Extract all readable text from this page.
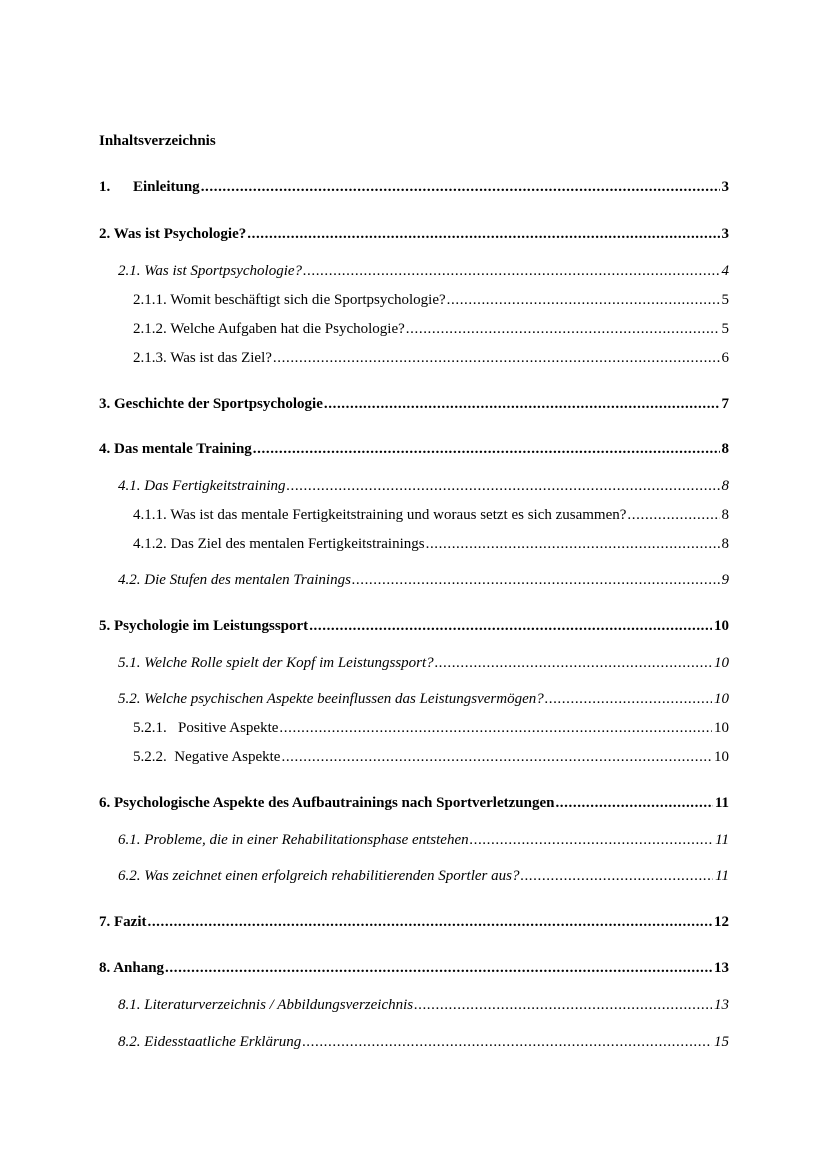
Inhaltsverzeichnis
1. Einleitung .....	3
2. Was ist Psychologie? .....	3
2.1. Was ist Sportpsychologie? .....	4
2.1.1. Womit beschäftigt sich die Sportpsychologie? .....	5
2.1.2. Welche Aufgaben hat die Psychologie? .....	5
2.1.3. Was ist das Ziel? .....	6
3. Geschichte der Sportpsychologie .....	7
4. Das mentale Training .....	8
4.1. Das Fertigkeitstraining .....	8
4.1.1. Was ist das mentale Fertigkeitstraining und woraus setzt es sich zusammen? .....	8
4.1.2. Das Ziel des mentalen Fertigkeitstrainings .....	8
4.2. Die Stufen des mentalen Trainings .....	9
5. Psychologie im Leistungssport .....	10
5.1. Welche Rolle spielt der Kopf im Leistungssport? .....	10
5.2. Welche psychischen Aspekte beeinflussen das Leistungsvermögen? .....	10
5.2.1. Positive Aspekte .....	10
5.2.2. Negative Aspekte .....	10
6. Psychologische Aspekte des Aufbautrainings nach Sportverletzungen .....	11
6.1. Probleme, die in einer Rehabilitationsphase entstehen .....	11
6.2. Was zeichnet einen erfolgreich rehabilitierenden Sportler aus? .....	11
7. Fazit .....	12
8. Anhang .....	13
8.1. Literaturverzeichnis / Abbildungsverzeichnis .....	13
8.2. Eidesstaatliche Erklärung .....	15
